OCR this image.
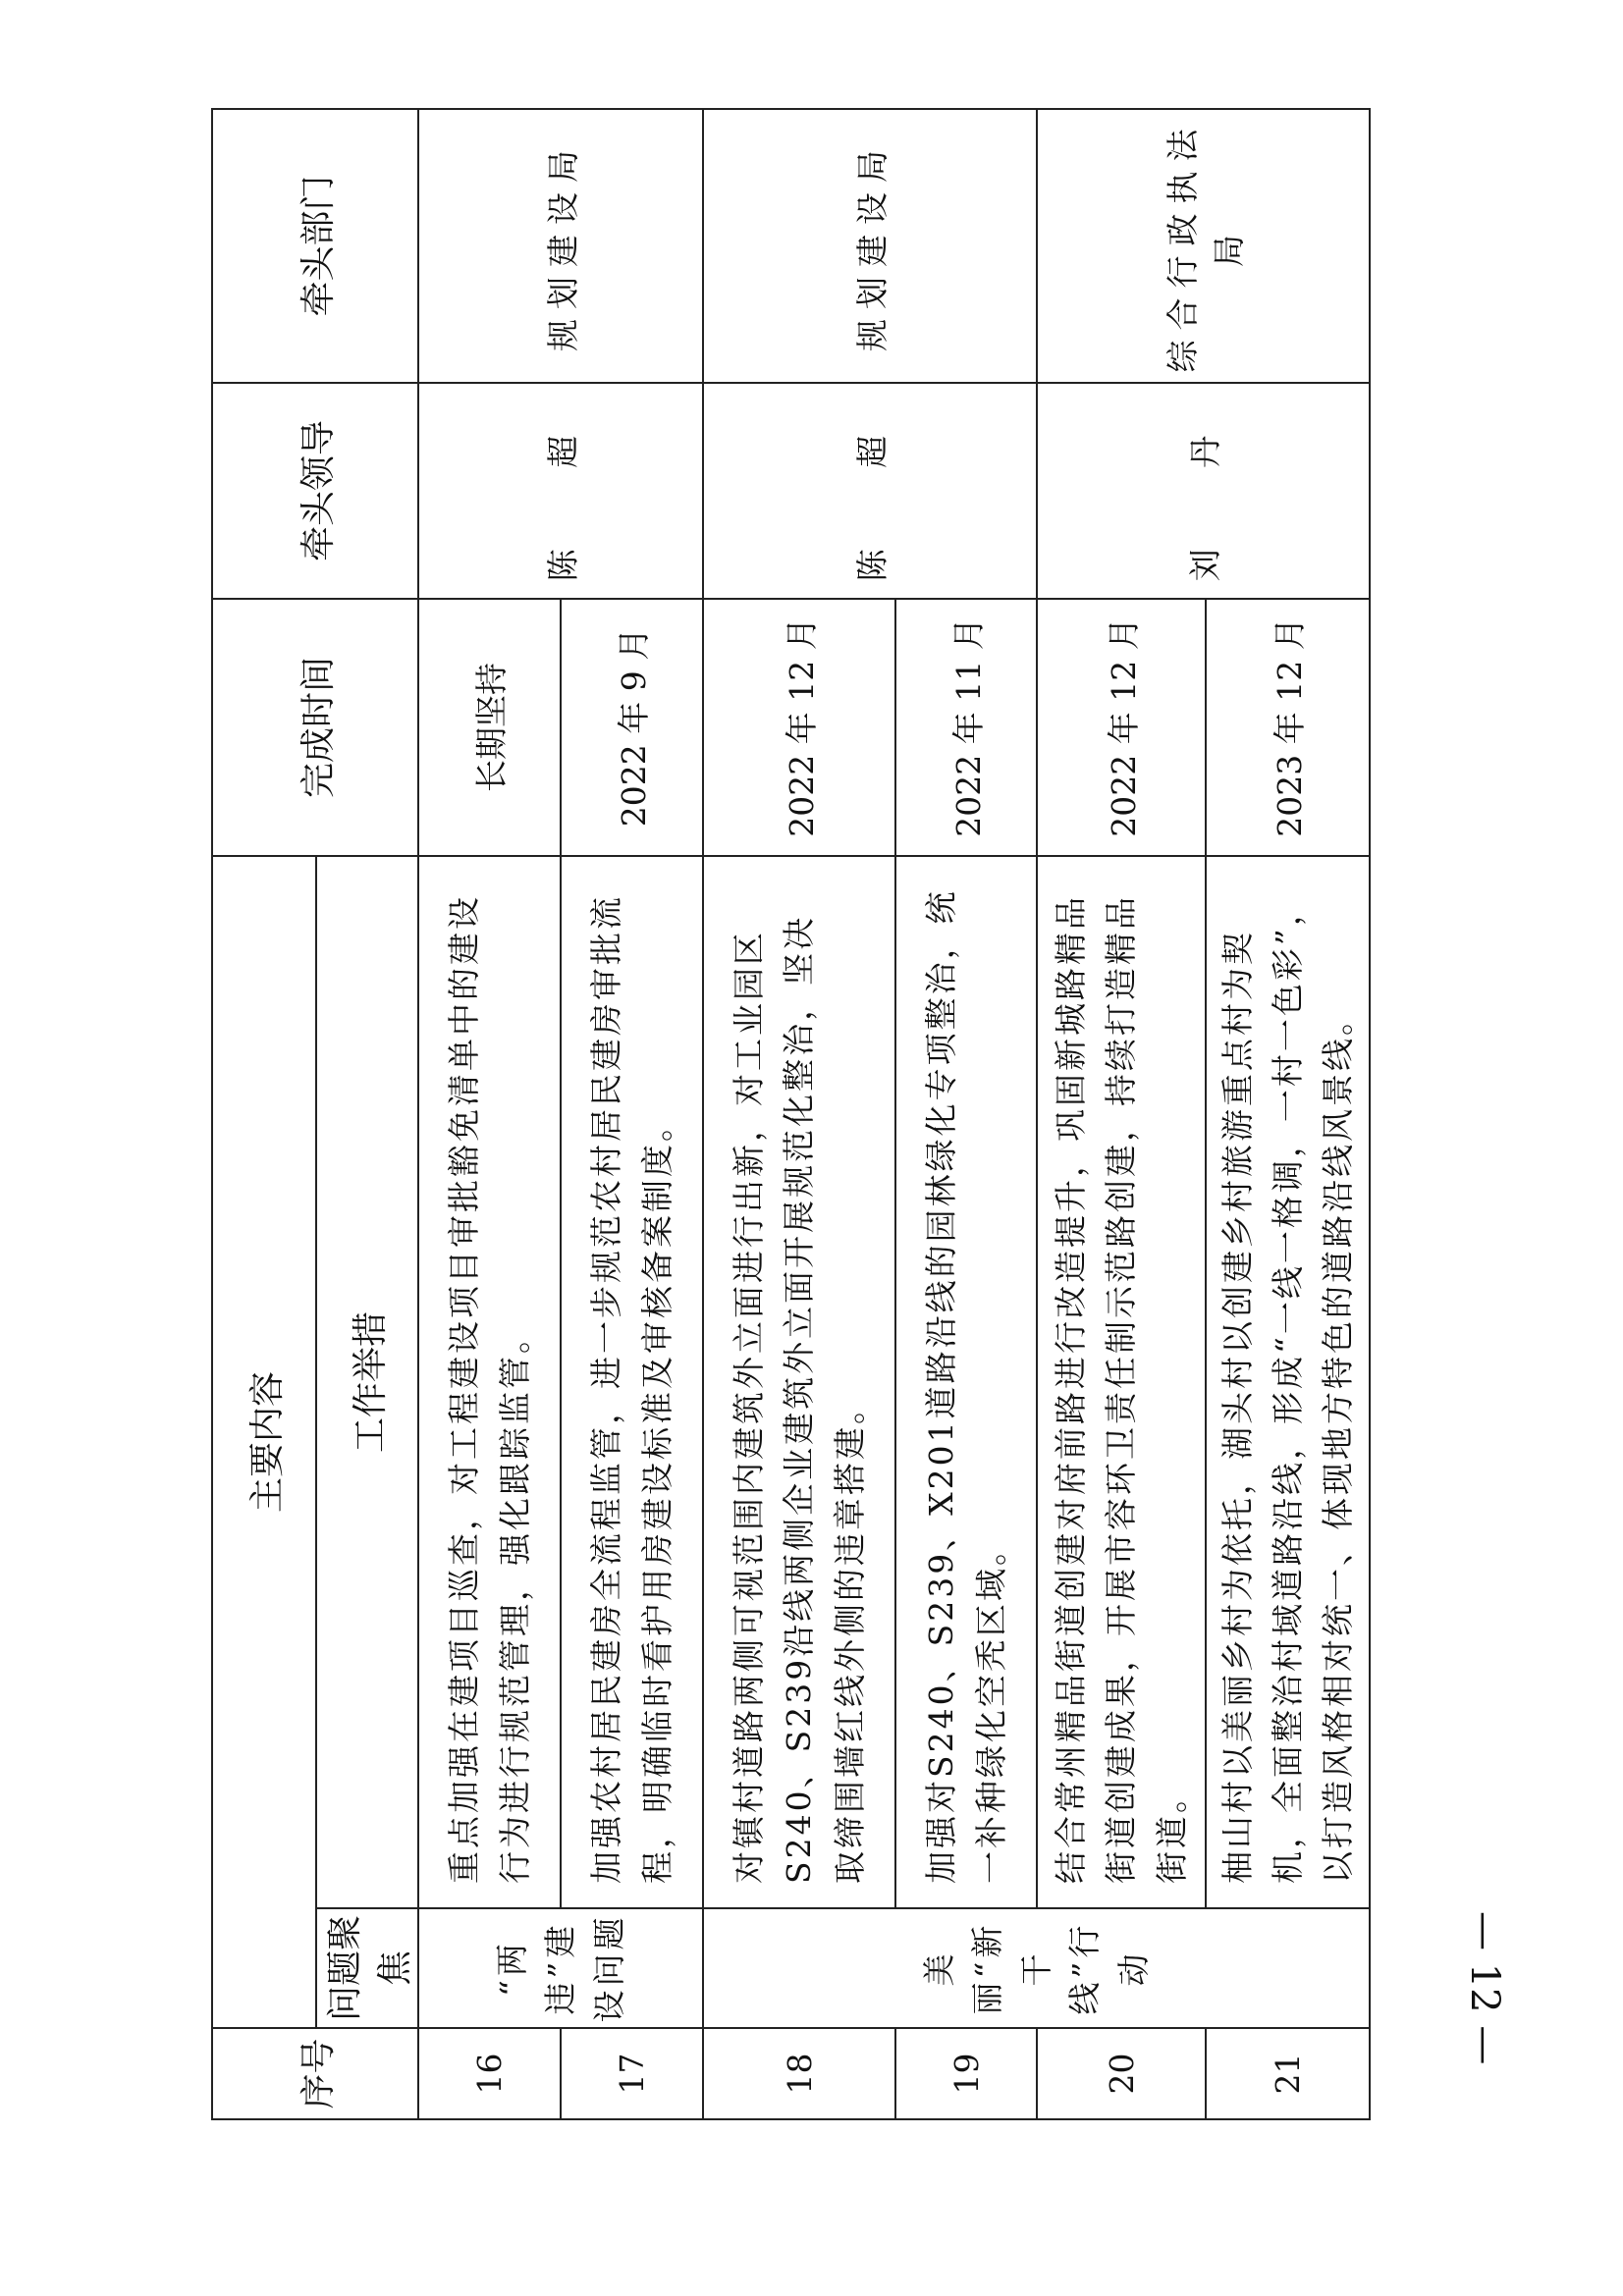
序号	主要内容		完成时间	牵头领导	牵头部门
	问题聚焦	工作举措			
16	“两违”建设问题	重点加强在建项目巡查，对工程建设项目审批豁免清单中的建设行为进行规范管理，强化跟踪监管。	长期坚持	陈 超	规划建设局
17		加强农村居民建房全流程监管，进一步规范农村居民建房审批流程，明确临时看护用房建设标准及审核备案制度。	2022 年 9 月		
18	美丽“新干线”行动	对镇村道路两侧可视范围内建筑外立面进行出新，对工业园区S240、S239沿线两侧企业建筑外立面开展规范化整治，坚决取缔围墙红线外侧的违章搭建。	2022 年 12 月	陈 超	规划建设局
19		加强对S240、S239、X201道路沿线的园林绿化专项整治，统一补种绿化空秃区域。	2022 年 11 月		
20		结合常州精品街道创建对府前路进行改造提升，巩固新城路精品街道创建成果，开展市容环卫责任制示范路创建，持续打造精品街道。	2022 年 12 月	刘 丹	综合行政执法局
21		柚山村以美丽乡村为依托，湖头村以创建乡村旅游重点村为契机，全面整治村域道路沿线，形成“一线一格调，一村一色彩”，以打造风格相对统一、体现地方特色的道路沿线风景线。	2023 年 12 月		
— 12 —
